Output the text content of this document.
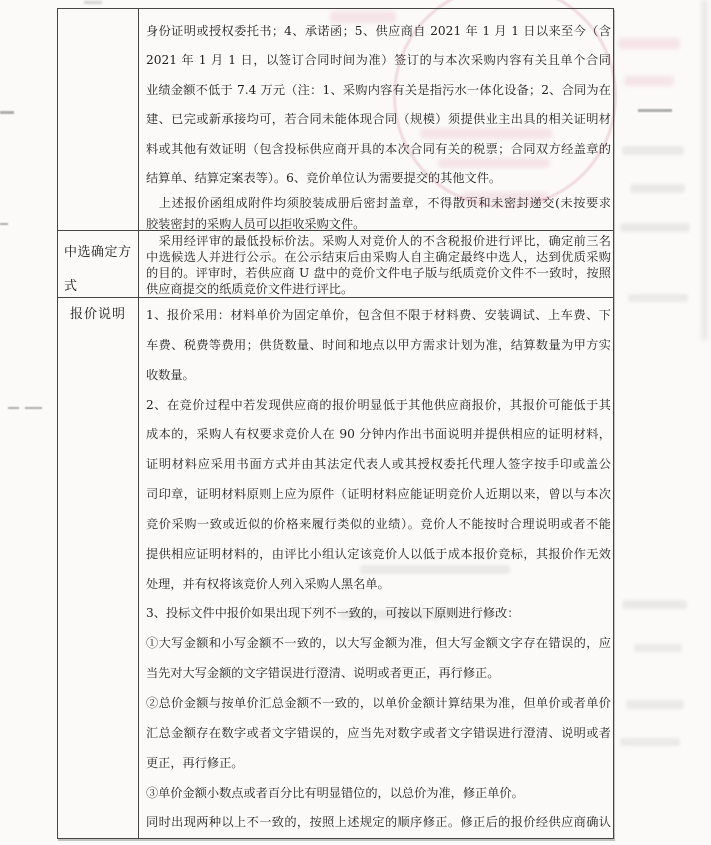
身份证明或授权委托书；4、承诺函；5、供应商自 2021 年 1 月 1 日以来至今（含
2021 年 1 月 1 日，以签订合同时间为准）签订的与本次采购内容有关且单个合同
业绩金额不低于 7.4 万元（注：1、采购内容有关是指污水一体化设备；2、合同为在
建、已完或新承接均可，若合同未能体现合同（规模）须提供业主出具的相关证明材
料或其他有效证明（包含投标供应商开具的本次合同有关的税票；合同双方经盖章的
结算单、结算定案表等）。6、竞价单位认为需要提交的其他文件。
　上述报价函组成附件均须胶装成册后密封盖章，不得散页和未密封递交(未按要求
胶装密封的采购人员可以拒收采购文件。
中选确定方式
　采用经评审的最低投标价法。采购人对竞价人的不含税报价进行评比，确定前三名
中选候选人并进行公示。在公示结束后由采购人自主确定最终中选人，达到优质采购
的目的。评审时，若供应商 U 盘中的竞价文件电子版与纸质竞价文件不一致时，按照
供应商提交的纸质竞价文件进行评比。
报价说明	1、报价采用：材料单价为固定单价，包含但不限于材料费、安装调试、上车费、下
车费、税费等费用；供货数量、时间和地点以甲方需求计划为准，结算数量为甲方实
收数量。
2、在竞价过程中若发现供应商的报价明显低于其他供应商报价，其报价可能低于其
成本的，采购人有权要求竞价人在 90 分钟内作出书面说明并提供相应的证明材料，
证明材料应采用书面方式并由其法定代表人或其授权委托代理人签字按手印或盖公
司印章，证明材料原则上应为原件（证明材料应能证明竞价人近期以来，曾以与本次
竞价采购一致或近似的价格来履行类似的业绩）。竞价人不能按时合理说明或者不能
提供相应证明材料的，由评比小组认定该竞价人以低于成本报价竞标，其报价作无效
处理，并有权将该竞价人列入采购人黑名单。
3、投标文件中报价如果出现下列不一致的，可按以下原则进行修改：
①大写金额和小写金额不一致的，以大写金额为准，但大写金额文字存在错误的，应
当先对大写金额的文字错误进行澄清、说明或者更正，再行修正。
②总价金额与按单价汇总金额不一致的，以单价金额计算结果为准，但单价或者单价
汇总金额存在数字或者文字错误的，应当先对数字或者文字错误进行澄清、说明或者
更正，再行修正。
③单价金额小数点或者百分比有明显错位的，以总价为准，修正单价。
同时出现两种以上不一致的，按照上述规定的顺序修正。修正后的报价经供应商确认
